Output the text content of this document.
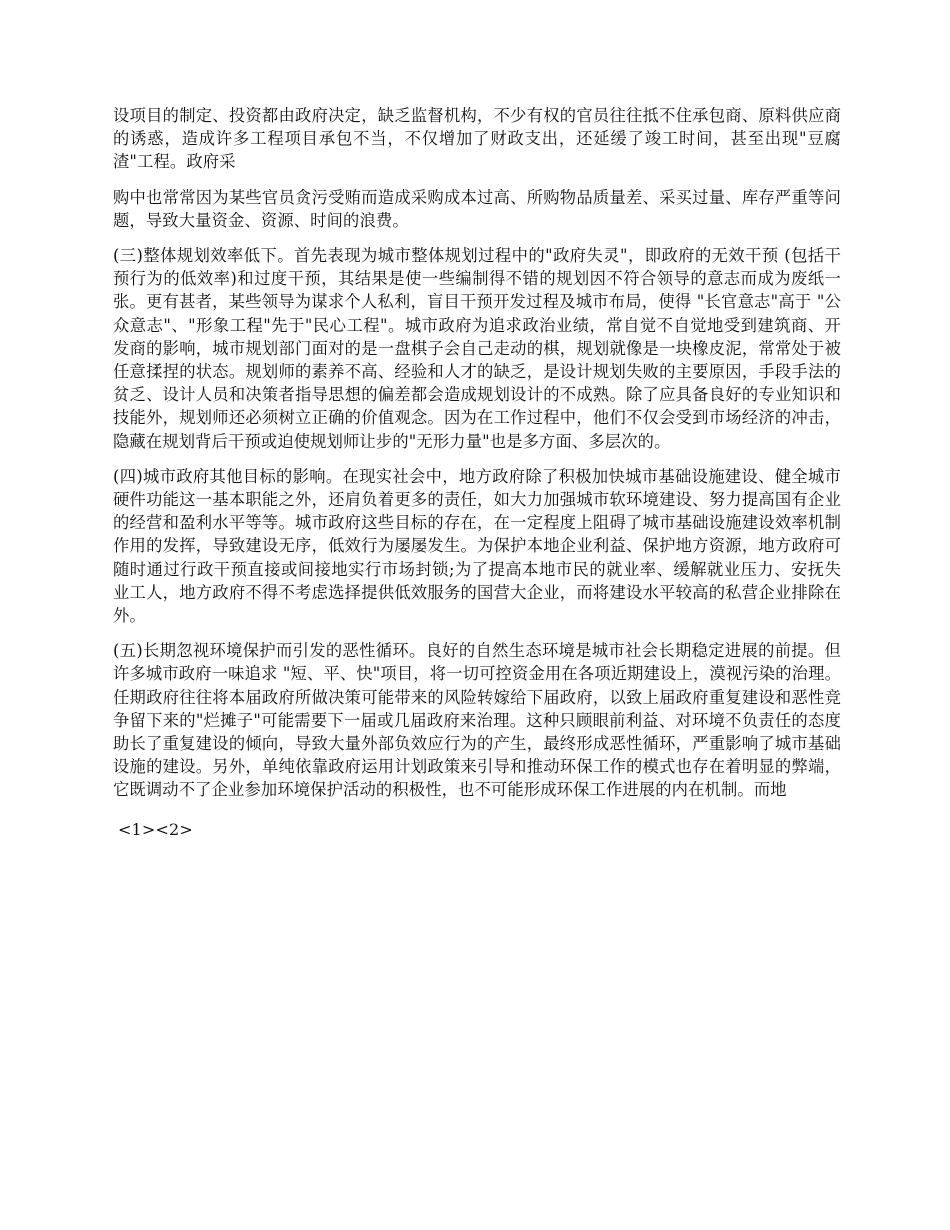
设项目的制定、投资都由政府决定，缺乏监督机构，不少有权的官员往往抵不住承包商、原料供应商的诱惑，造成许多工程项目承包不当，不仅增加了财政支出，还延缓了竣工时间，甚至出现"豆腐渣"工程。政府采

购中也常常因为某些官员贪污受贿而造成采购成本过高、所购物品质量差、采买过量、库存严重等问题，导致大量资金、资源、时间的浪费。

(三)整体规划效率低下。首先表现为城市整体规划过程中的"政府失灵"，即政府的无效干预 (包括干预行为的低效率)和过度干预，其结果是使一些编制得不错的规划因不符合领导的意志而成为废纸一张。更有甚者，某些领导为谋求个人私利，盲目干预开发过程及城市布局，使得 "长官意志"高于 "公众意志"、"形象工程"先于"民心工程"。城市政府为追求政治业绩，常自觉不自觉地受到建筑商、开发商的影响，城市规划部门面对的是一盘棋子会自己走动的棋，规划就像是一块橡皮泥，常常处于被任意揉捏的状态。规划师的素养不高、经验和人才的缺乏，是设计规划失败的主要原因，手段手法的贫乏、设计人员和决策者指导思想的偏差都会造成规划设计的不成熟。除了应具备良好的专业知识和技能外，规划师还必须树立正确的价值观念。因为在工作过程中，他们不仅会受到市场经济的冲击，隐藏在规划背后干预或迫使规划师让步的"无形力量"也是多方面、多层次的。

(四)城市政府其他目标的影响。在现实社会中，地方政府除了积极加快城市基础设施建设、健全城市硬件功能这一基本职能之外，还肩负着更多的责任，如大力加强城市软环境建设、努力提高国有企业的经营和盈利水平等等。城市政府这些目标的存在，在一定程度上阻碍了城市基础设施建设效率机制作用的发挥，导致建设无序，低效行为屡屡发生。为保护本地企业利益、保护地方资源，地方政府可随时通过行政干预直接或间接地实行市场封锁;为了提高本地市民的就业率、缓解就业压力、安抚失业工人，地方政府不得不考虑选择提供低效服务的国营大企业，而将建设水平较高的私营企业排除在外。

(五)长期忽视环境保护而引发的恶性循环。良好的自然生态环境是城市社会长期稳定进展的前提。但许多城市政府一味追求 "短、平、快"项目，将一切可控资金用在各项近期建设上，漠视污染的治理。任期政府往往将本届政府所做决策可能带来的风险转嫁给下届政府，以致上届政府重复建设和恶性竞争留下来的"烂摊子"可能需要下一届或几届政府来治理。这种只顾眼前利益、对环境不负责任的态度助长了重复建设的倾向，导致大量外部负效应行为的产生，最终形成恶性循环，严重影响了城市基础设施的建设。另外，单纯依靠政府运用计划政策来引导和推动环保工作的模式也存在着明显的弊端，它既调动不了企业参加环境保护活动的积极性，也不可能形成环保工作进展的内在机制。而地

<1><2>
